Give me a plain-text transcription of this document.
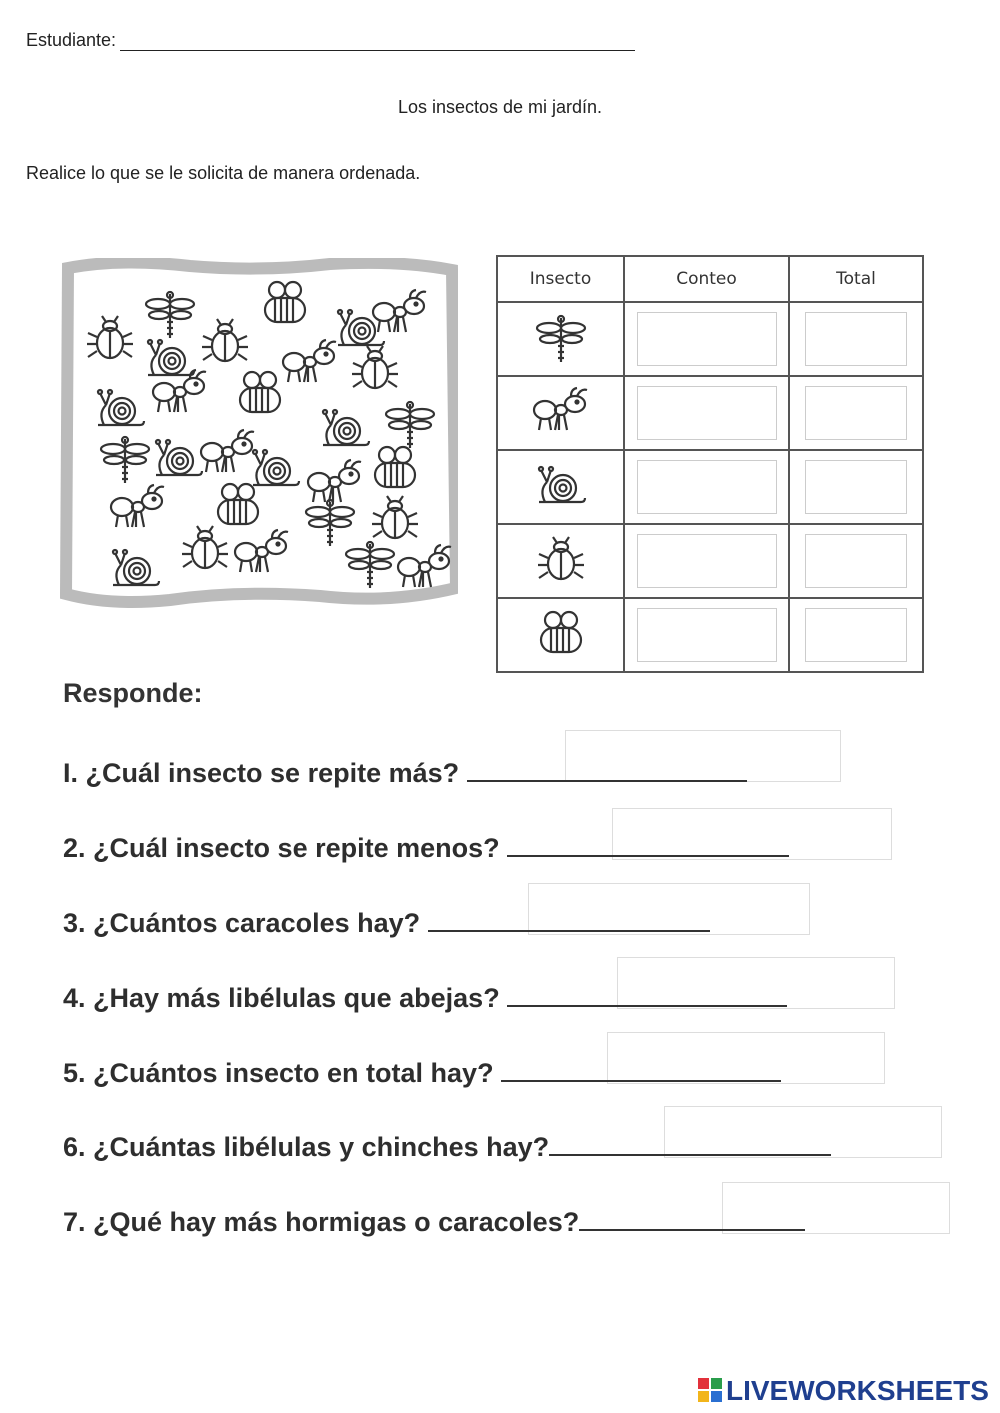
Estudiante:
Los insectos de mi jardín.
Realice lo que se le solicita de manera ordenada.
Insecto	Conteo	Total

Responde:
I. ¿Cuál insecto se repite más?
2. ¿Cuál insecto se repite menos?
3. ¿Cuántos caracoles hay?
4. ¿Hay más libélulas que abejas?
5. ¿Cuántos insecto en total hay?
6. ¿Cuántas libélulas y chinches hay?
7. ¿Qué hay más hormigas o caracoles?
LIVEWORKSHEETS
